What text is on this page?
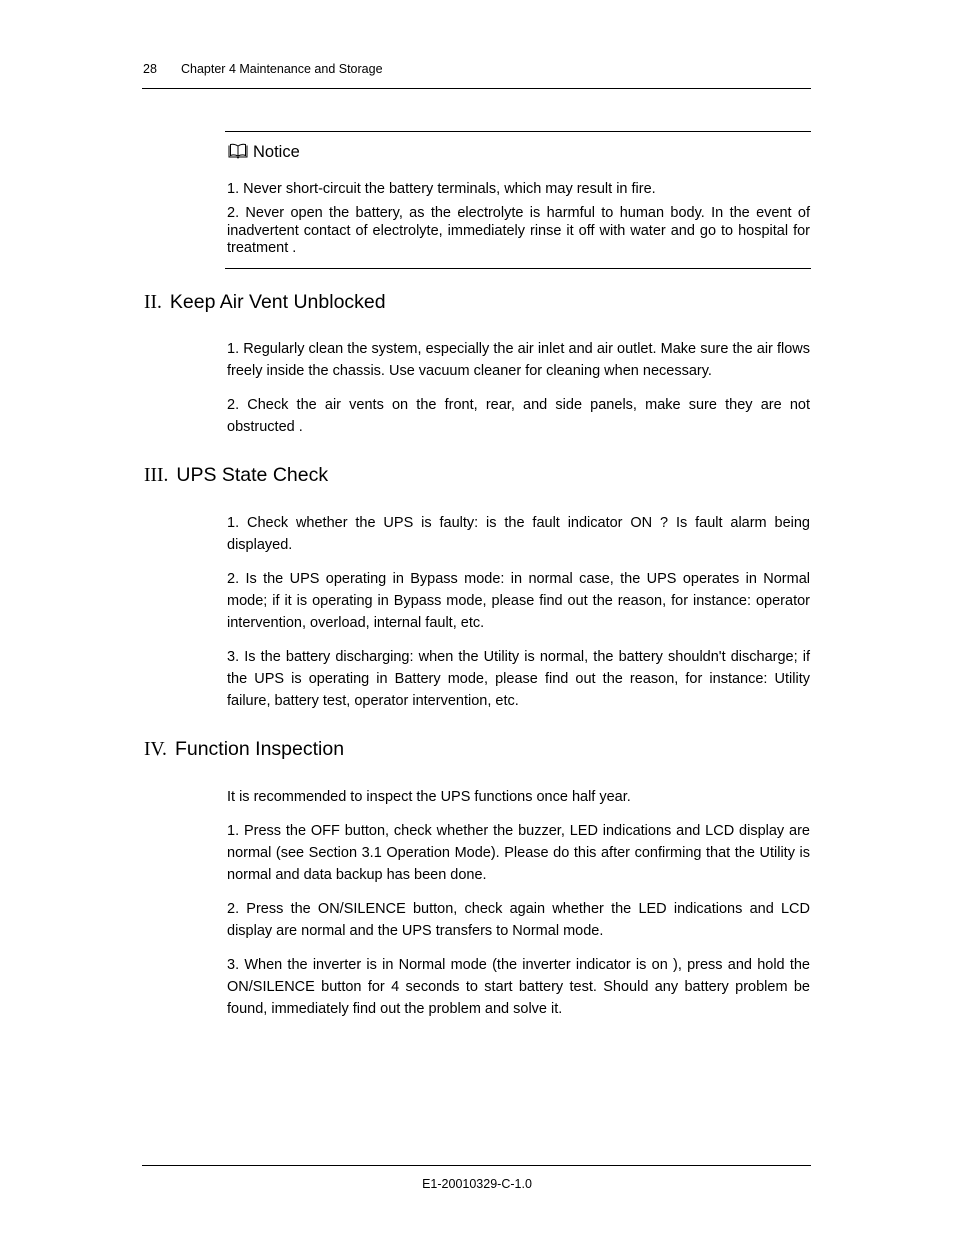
28 Chapter 4 Maintenance and Storage
Notice
1. Never short-circuit the battery terminals, which may result in fire.
2. Never open the battery, as the electrolyte is harmful to human body. In the event of inadvertent contact of electrolyte, immediately rinse it off with water and go to hospital for treatment .
II. Keep Air Vent Unblocked
1. Regularly clean the system, especially the air inlet and air outlet. Make sure the air flows freely inside the chassis. Use vacuum cleaner for cleaning when necessary.
2. Check the air vents on the front, rear, and side panels, make sure they are not obstructed .
III. UPS State Check
1. Check whether the UPS is faulty: is the fault indicator ON ? Is fault alarm being displayed.
2. Is the UPS operating in Bypass mode: in normal case, the UPS operates in Normal mode; if it is operating in Bypass mode, please find out the reason, for instance: operator intervention, overload, internal fault, etc.
3. Is the battery discharging: when the Utility is normal, the battery shouldn't discharge; if the UPS is operating in Battery mode, please find out the reason, for instance: Utility failure, battery test, operator intervention, etc.
IV. Function Inspection
It is recommended to inspect the UPS functions once half year.
1. Press the OFF button, check whether the buzzer, LED indications and LCD display are normal (see Section 3.1 Operation Mode). Please do this after confirming that the Utility is normal and data backup has been done.
2. Press the ON/SILENCE button, check again whether the LED indications and LCD display are normal and the UPS transfers to Normal mode.
3. When the inverter is in Normal mode (the inverter indicator is on ), press and hold the ON/SILENCE button for 4 seconds to start battery test. Should any battery problem be found, immediately find out the problem and solve it.
E1-20010329-C-1.0
